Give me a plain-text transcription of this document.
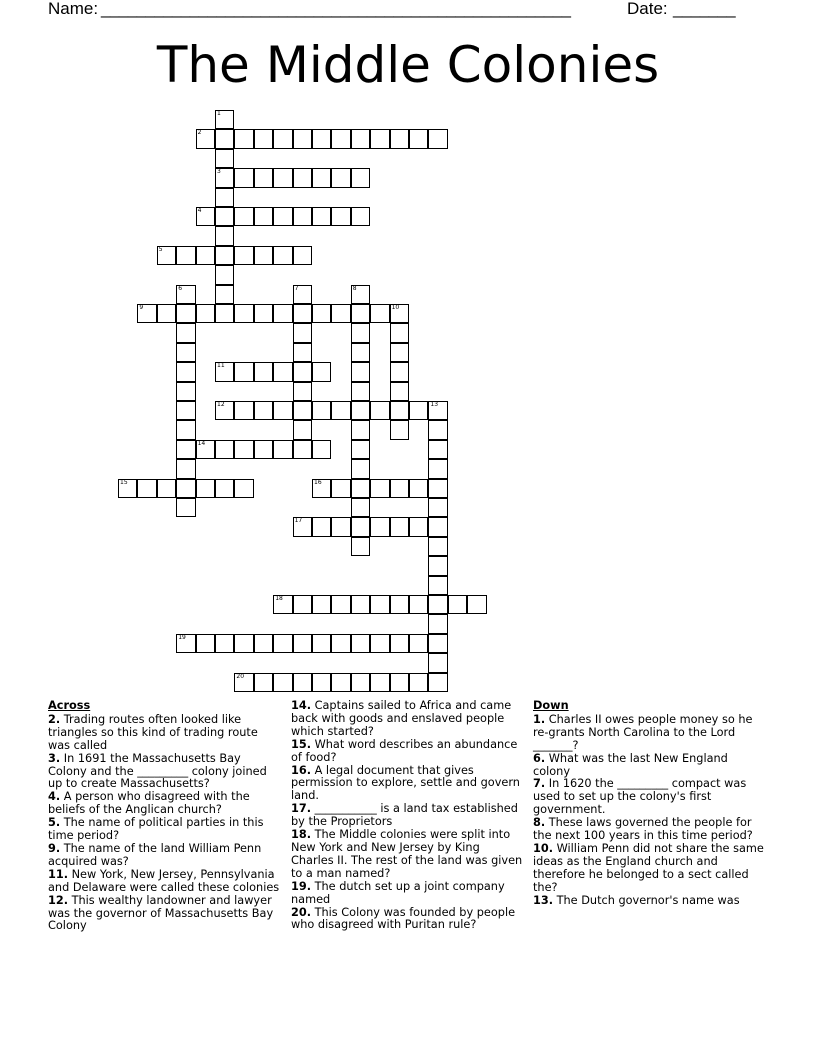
Name: _____________________________________________________	Date: _______
The Middle Colonies
1
3
2
4
5
6	7	8
9	10
11
12	13
14
15	16
17
18
19
20
Across
2. Trading routes often looked like triangles so this kind of trading route was called
3. In 1691 the Massachusetts Bay Colony and the _________ colony joined up to create Massachusetts?
4. A person who disagreed with the beliefs of the Anglican church?
5. The name of political parties in this time period?
9. The name of the land William Penn acquired was?
11. New York, New Jersey, Pennsylvania and Delaware were called these colonies
12. This wealthy landowner and lawyer was the governor of Massachusetts Bay Colony
14. Captains sailed to Africa and came back with goods and enslaved people which started?
15. What word describes an abundance of food?
16. A legal document that gives permission to explore, settle and govern land.
17. ___________ is a land tax established by the Proprietors
18. The Middle colonies were split into New York and New Jersey by King Charles II. The rest of the land was given to a man named?
19. The dutch set up a joint company named
20. This Colony was founded by people who disagreed with Puritan rule?
Down
1. Charles II owes people money so he re-grants North Carolina to the Lord _______?
6. What was the last New England colony
7. In 1620 the _________ compact was used to set up the colony's first government.
8. These laws governed the people for the next 100 years in this time period?
10. William Penn did not share the same ideas as the England church and therefore he belonged to a sect called the?
13. The Dutch governor's name was
